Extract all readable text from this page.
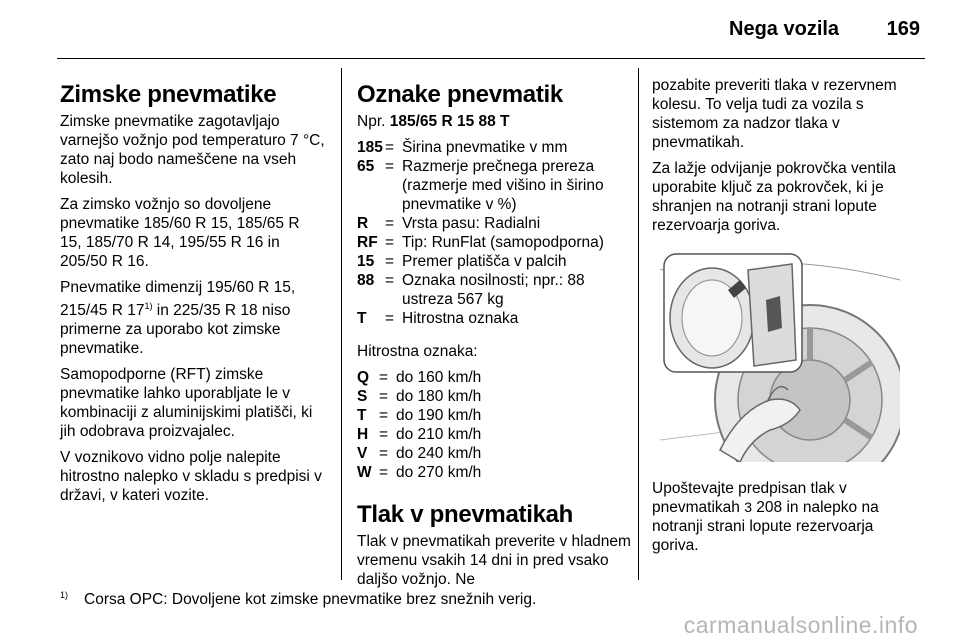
Nega vozila 169
Zimske pnevmatike

Zimske pnevmatike zagotavljajo varnejšo vožnjo pod temperaturo 7 °C, zato naj bodo nameščene na vseh kolesih.

Za zimsko vožnjo so dovoljene pnevmatike 185/60 R 15, 185/65 R 15, 185/70 R 14, 195/55 R 16 in 205/50 R 16.

Pnevmatike dimenzij 195/60 R 15, 215/45 R 17$^{1)}$ in 225/35 R 18 niso primerne za uporabo kot zimske pnevmatike.

Samopodporne (RFT) zimske pnevmatike lahko uporabljate le v kombinaciji z aluminijskimi platišči, ki jih odobrava proizvajalec.

V voznikovo vidno polje nalepite hitrostno nalepko v skladu s predpisi v državi, v kateri vozite.

Oznake pnevmatik

Npr. 185/65 R 15 88 T

185 = Širina pnevmatike v mm
65 = Razmerje prečnega prereza (razmerje med višino in širino pnevmatike v %)
R	= Vrsta pasu: Radialni
RF = Tip: RunFlat (samopodporna)
15 = Premer platišča v palcih
88 = Oznaka nosilnosti; npr.: 88 ustreza 567 kg
T	= Hitrostna oznaka

Hitrostna oznaka:

Q = do 160 km/h
S = do 180 km/h
T = do 190 km/h
H = do 210 km/h
V = do 240 km/h
W = do 270 km/h
Tlak v pnevmatikah

Tlak v pnevmatikah preverite v hladnem vremenu vsakih 14 dni in pred vsako daljšo vožnjo. Ne

pozabite preveriti tlaka v rezervnem kolesu. To velja tudi za vozila s sistemom za nadzor tlaka v pnevmatikah.

Za lažje odvijanje pokrovčka ventila uporabite ključ za pokrovček, ki je shranjen na notranji strani lopute rezervoarja goriva.

Upoštevajte predpisan tlak v pnevmatikah 3 208 in nalepko na notranji strani lopute rezervoarja goriva.

$^{1)}$ Corsa OPC: Dovoljene kot zimske pnevmatike brez snežnih verig.
carmanualsonline.info
